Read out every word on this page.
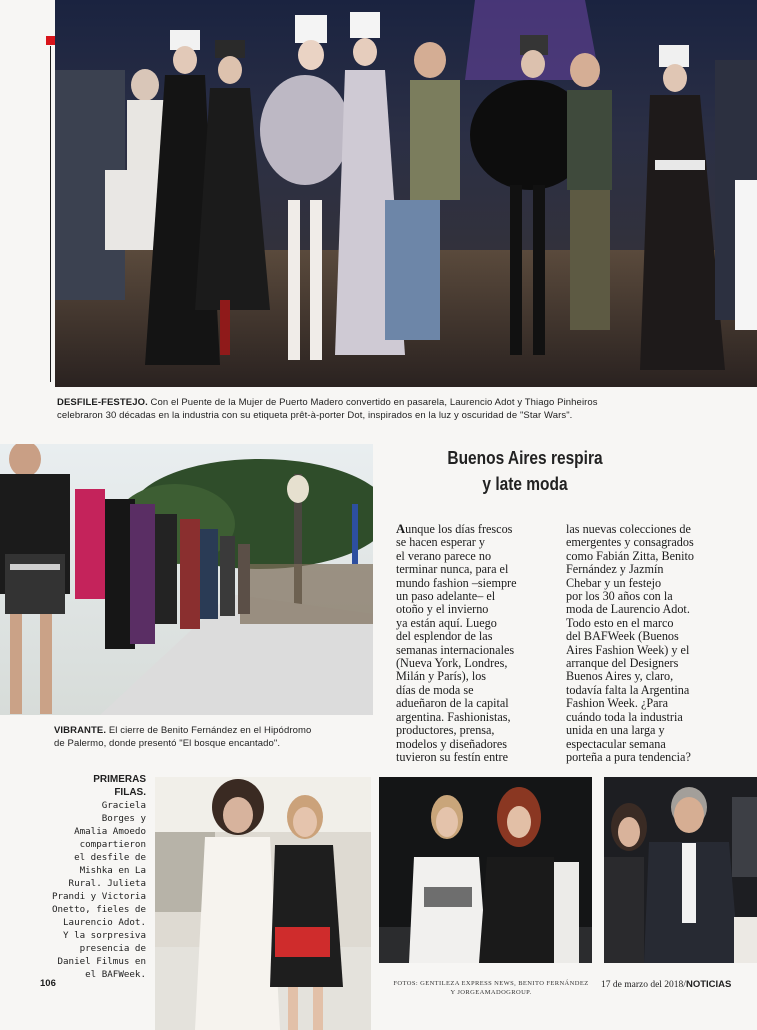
DESFILE-FESTEJO. Con el Puente de la Mujer de Puerto Madero convertido en pasarela, Laurencio Adot y Thiago Pinheiros
celebraron 30 décadas en la industria con su etiqueta prêt-à-porter Dot, inspirados en la luz y oscuridad de "Star Wars".
VIBRANTE. El cierre de Benito Fernández en el Hipódromo
de Palermo, donde presentó "El bosque encantado".
Buenos Aires respira
y late moda
Aunque los días frescos
se hacen esperar y
el verano parece no
terminar nunca, para el
mundo fashion –siempre
un paso adelante– el
otoño y el invierno
ya están aquí. Luego
del esplendor de las
semanas internacionales
(Nueva York, Londres,
Milán y París), los
días de moda se
adueñaron de la capital
argentina. Fashionistas,
productores, prensa,
modelos y diseñadores
tuvieron su festín entre
las nuevas colecciones de
emergentes y consagrados
como Fabián Zitta, Benito
Fernández y Jazmín
Chebar y un festejo
por los 30 años con la
moda de Laurencio Adot.
Todo esto en el marco
del BAFWeek (Buenos
Aires Fashion Week) y el
arranque del Designers
Buenos Aires y, claro,
todavía falta la Argentina
Fashion Week. ¿Para
cuándo toda la industria
unida en una larga y
espectacular semana
porteña a pura tendencia?
PRIMERAS
FILAS.
Graciela
Borges y
Amalia Amoedo
compartieron
el desfile de
Mishka en La
Rural. Julieta
Prandi y Victoria
Onetto, fieles de
Laurencio Adot.
Y la sorpresiva
presencia de
Daniel Filmus en
el BAFWeek.
106	FOTOS: GENTILEZA EXPRESS NEWS, BENITO FERNÁNDEZ
Y JORGEAMADOGROUP.
17 de marzo del 2018/NOTICIAS
